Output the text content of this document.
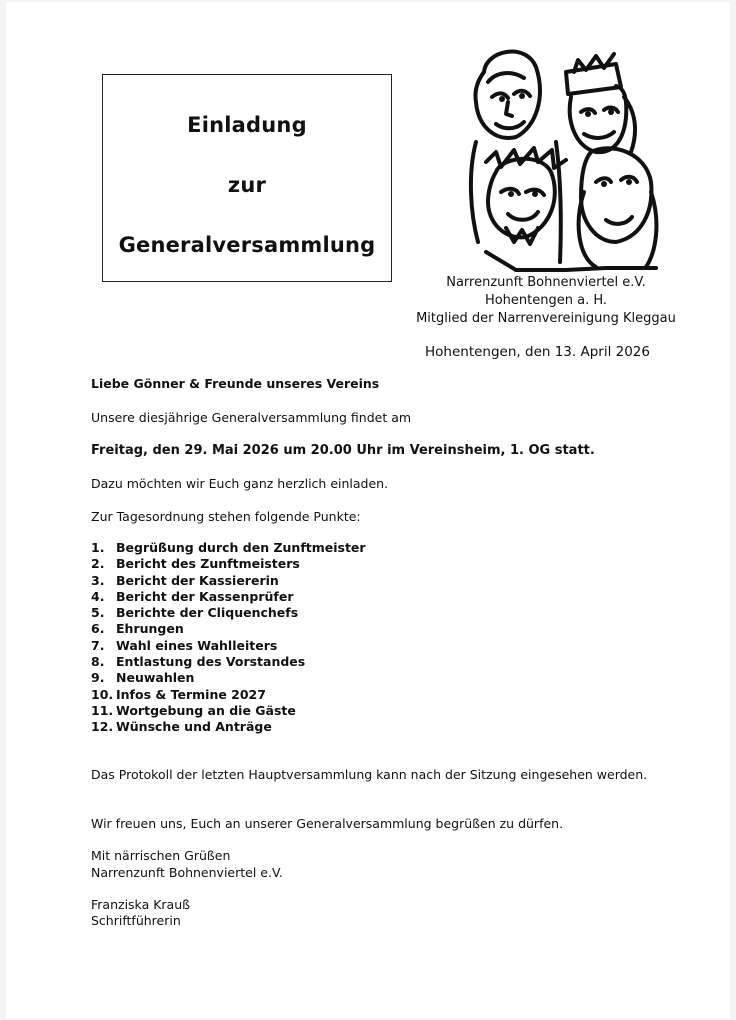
Einladung
zur
Generalversammlung
Narrenzunft Bohnenviertel e.V.
Hohentengen a. H.
Mitglied der Narrenvereinigung Kleggau
Hohentengen, den 13. April 2026

Liebe Gönner & Freunde unseres Vereins

Unsere diesjährige Generalversammlung findet am

Freitag, den 29. Mai 2026 um 20.00 Uhr im Vereinsheim, 1. OG statt.

Dazu möchten wir Euch ganz herzlich einladen.

Zur Tagesordnung stehen folgende Punkte:

1. Begrüßung durch den Zunftmeister
2. Bericht des Zunftmeisters
3. Bericht der Kassiererin
4. Bericht der Kassenprüfer
5. Berichte der Cliquenchefs
6. Ehrungen
7. Wahl eines Wahlleiters
8. Entlastung des Vorstandes
9. Neuwahlen
10. Infos & Termine 2027
11. Wortgebung an die Gäste
12. Wünsche und Anträge

Das Protokoll der letzten Hauptversammlung kann nach der Sitzung eingesehen werden.

Wir freuen uns, Euch an unserer Generalversammlung begrüßen zu dürfen.

Mit närrischen Grüßen

Narrenzunft Bohnenviertel e.V.

Franziska Krauß

Schriftführerin
